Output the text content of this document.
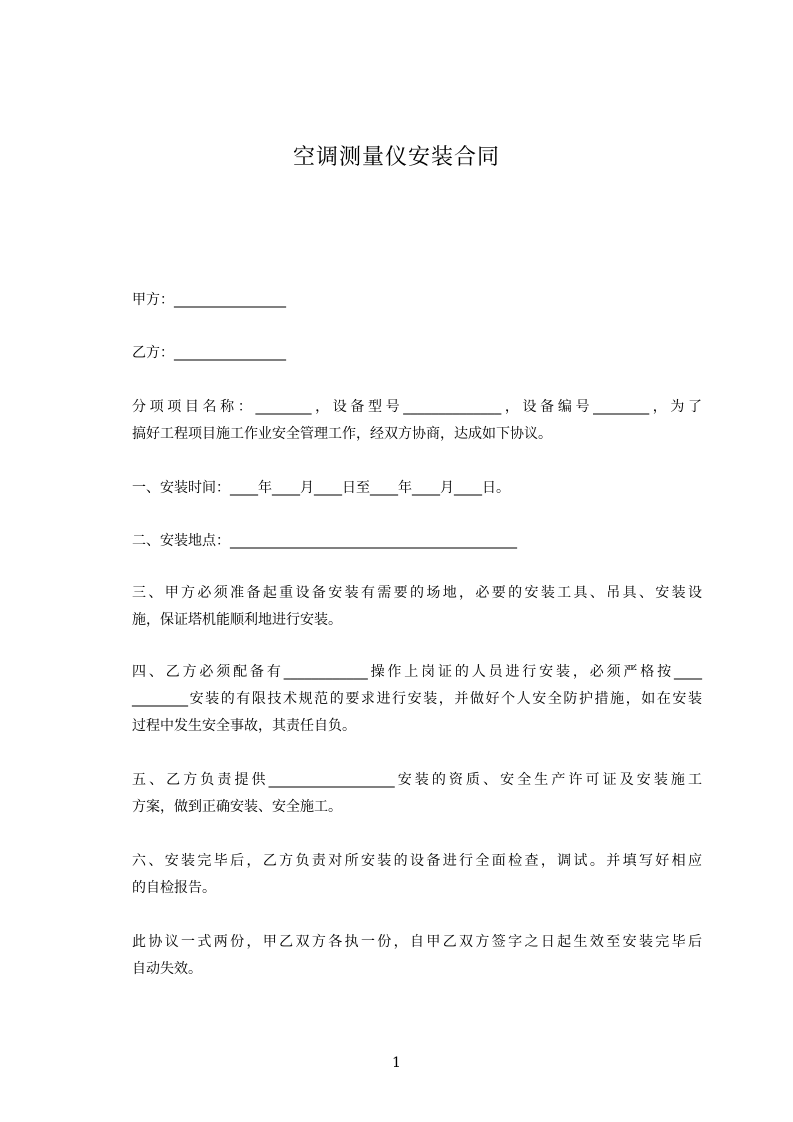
空调测量仪安装合同
甲方：________________
乙方：________________
分项项目名称：________，设备型号______________，设备编号________，为了
搞好工程项目施工作业安全管理工作，经双方协商，达成如下协议。
一、安装时间：____年____月____日至____年____月____日。
二、安装地点：_________________________________________
三、甲方必须准备起重设备安装有需要的场地，必要的安装工具、吊具、安装设
施，保证塔机能顺利地进行安装。
四、乙方必须配备有____________操作上岗证的人员进行安装，必须严格按____
________安装的有限技术规范的要求进行安装，并做好个人安全防护措施，如在安装
过程中发生安全事故，其责任自负。
五、乙方负责提供__________________安装的资质、安全生产许可证及安装施工
方案，做到正确安装、安全施工。
六、安装完毕后，乙方负责对所安装的设备进行全面检查，调试。并填写好相应
的自检报告。
此协议一式两份，甲乙双方各执一份，自甲乙双方签字之日起生效至安装完毕后
自动失效。
1
